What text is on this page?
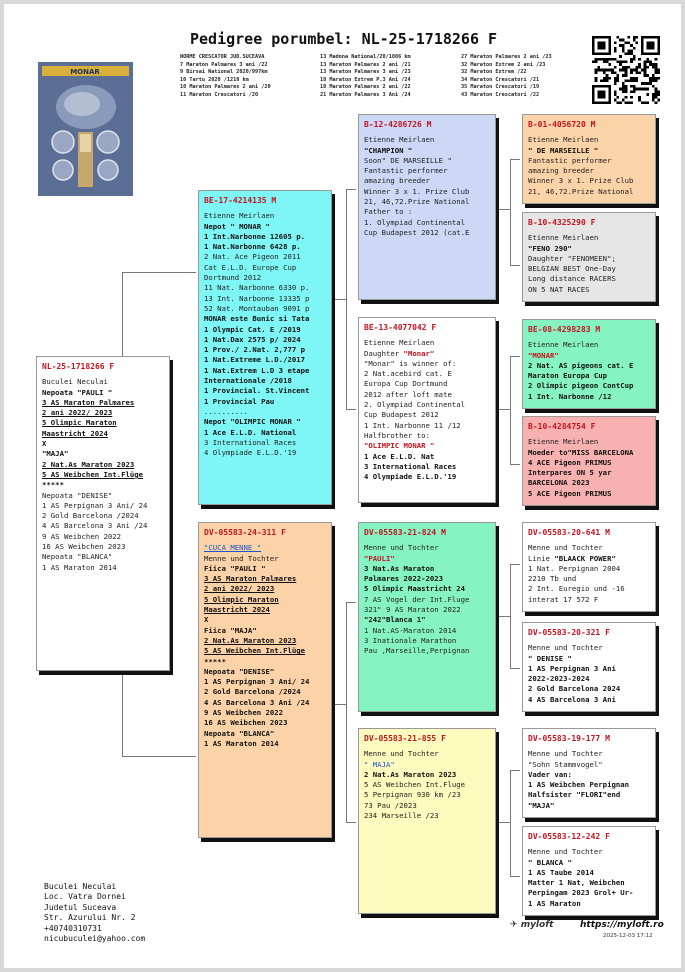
Pedigree porumbel: NL-25-1718266 F
NORME CRESCATOR JUD.SUCEAVA
7 Maraton Palmares 3 ani /22
9 Birsai National 2020/997km
10 Tartu 2020 /1210 km
10 Maraton Palmares 2 ani /20
11 Maraton Crescatori /20
13 Madona National/20/1086 km
13 Maraton Palmares 2 ani /21
13 Maraton Palmares 3 ani /23
18 Maraton Extrem P.3 Ani /24
18 Maraton Palmares 2 ani /22
21 Maraton Palmares 3 Ani /24
27 Maraton Palmares 2 ani /23
32 Maraton Extrem 2 ani /23
32 Maraton Extrem /22
34 Maraton Crescatori /21
35 Maraton Crescatori /19
43 Maraton Crescatori /22
MONAR
NL-25-1718266 F
Buculei Neculai
Nepoata "PAULI "
3 AS Maraton Palmares
2 ani 2022/ 2023
5 Olimpic Maraton
Maastricht 2024
X
"MAJA"
2 Nat.As Maraton 2023
5 AS Weibchen Int.Flüge
*****
Nepoata "DENISE"
1 AS Perpignan 3 Ani/ 24
2 Gold Barcelona /2024
4 AS Barcelona 3 Ani /24
9 AS Weibchen 2022
16 AS Weibchen 2023
Nepoata "BLANCA"
1 AS Maraton 2014
BE-17-4214135 M
Etienne Meirlaen
Nepot " MONAR "
1 Int.Narbonne 12605 p.
1 Nat.Narbonne 6428 p.
2 Nat. Ace Pigeon 2011
Cat E.L.D. Europe Cup
Dortmund 2012
11 Nat. Narbonne 6330 p.
13 Int. Narbonne 13335 p
52 Nat. Montauban 9091 p
MONAR este Bunic si Tata
1 Olympic Cat. E /2019
1 Nat.Dax 2575 p/ 2024
1 Prov./ 2.Nat. 2,777 p
1 Nat.Extreme L.D./2017
1 Nat.Extrem L.D 3 etape
Internationale /2018
1 Provincial. St.Vincent
1 Provincial Pau
..........
Nepot "OLIMPIC MONAR "
1 Ace E.L.D. National
3 International Races
4 Olympiade E.L.D.'19
DV-05583-24-311 F
"CUCA MENNE "
Menne und Tochter
Fiica "PAULI "
3 AS Maraton Palmares
2 ani 2022/ 2023
5 Olimpic Maraton
Maastricht 2024
X
Fiica "MAJA"
2 Nat.As Maraton 2023
5 AS Weibchen Int.Flüge
*****
Nepoata "DENISE"
1 AS Perpignan 3 Ani/ 24
2 Gold Barcelona /2024
4 AS Barcelona 3 Ani /24
9 AS Weibchen 2022
16 AS Weibchen 2023
Nepoata "BLANCA"
1 AS Maraton 2014
B-12-4286726 M
Etienne Meirlaen
"CHAMPION "
Soon" DE MARSEILLE "
Fantastic performer
amazing breeder
Winner 3 x 1. Prize Club
21, 46,72.Prize National
Father to :
1. Olympiad Continental
Cup Budapest 2012 (cat.E
BE-13-4077042 F
Etienne Meirlaen
Daughter "Monar"
"Monar" is winner of:
2 Nat.acebird cat. E
Europa Cup Dortmund
2012 after loft mate
2. Olympiad Continental
Cup Budapest 2012
1 Int. Narbonne 11 /12
Halfbrother to:
"OLIMPIC MONAR "
1 Ace E.L.D. Nat
3 International Races
4 Olympiade E.L.D.'19
DV-05583-21-824 M
Menne und Tochter
"PAULI"
3 Nat.As Maraton
Palmares 2022-2023
5 Olimpic Maastricht 24
7 AS Vogel der Int.Fluge
321" 9 AS Maraton 2022
"242"Blanca 1"
1 Nat.AS-Maraton 2014
3 Inationale Marathon
Pau ,Marseille,Perpignan
DV-05583-21-855 F
Menne und Tochter
" MAJA"
2 Nat.As Maraton 2023
5 AS Weibchen Int.Fluge
5 Perpignan 930 km /23
73 Pau /2023
234 Marseille /23
B-01-4056720 M
Etienne Meirlaen
" DE MARSEILLE "
Fantastic performer
amazing breeder
Winner 3 x 1. Prize Club
21, 46,72.Prize National
B-10-4325290 F
Etienne Meirlaen
"FENO 290"
Daughter "FENOMEEN";
BELGIAN BEST One-Day
Long distance RACERS
ON 5 NAT RACES
BE-08-4298283 M
Etienne Meirlaen
"MONAR"
2 Nat. AS pigeons cat. E
Maraton Europa Cup
2 Olimpic pigeon ContCup
1 Int. Narbonne /12
B-10-4284754 F
Etienne Meirlaen
Moeder to"MISS BARCELONA
4 ACE Pigeon PRIMUS
Interpares ON 5 yar
BARCELONA 2023
5 ACE Pigeon PRIMUS
DV-05583-20-641 M
Menne und Tochter
Linie "BLAACK POWER"
1 Nat. Perpignan 2004
2210 Tb und
2 Int. Euregio und -16
interat 17 572 F
DV-05583-20-321 F
Menne und Tochter
" DENISE "
1 AS Perpignan 3 Ani
2022-2023-2024
2 Gold Barcelona 2024
4 AS Barcelona 3 Ani
DV-05583-19-177 M
Menne und Tochter
"Sohn Stammvogel"
Vader van:
1 AS Weibchen Perpignan
Halfsister "FLORI"end
"MAJA"
DV-05583-12-242 F
Menne und Tochter
" BLANCA "
1 AS Taube 2014
Matter 1 Nat, Weibchen
Perpingam 2023 Grol+ Ur-
1 AS Maraton
Buculei Neculai
Loc. Vatra Dornei
Judetul Suceava
Str. Azurului Nr. 2
+40740310731
nicubuculei@yahoo.com
✈ myloft	https://myloft.ro
2025-12-03 17:12
